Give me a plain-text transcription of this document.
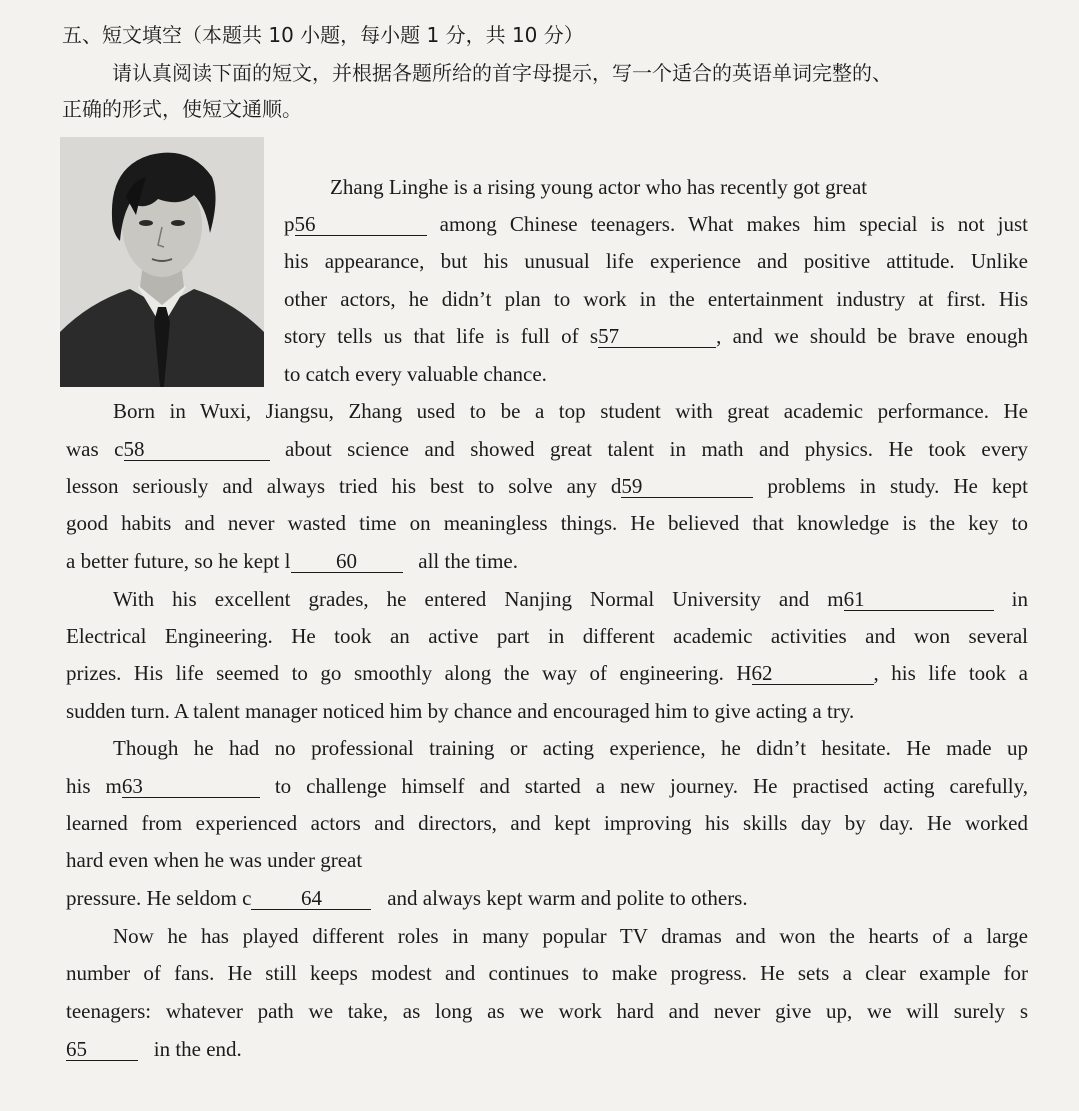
五、短文填空（本题共 10 小题，每小题 1 分，共 10 分）
请认真阅读下面的短文，并根据各题所给的首字母提示，写一个适合的英语单词完整的、
正确的形式，使短文通顺。
Zhang Linghe is a rising young actor who has recently got great
p56	among Chinese teenagers. What makes him special is not just
his appearance, but his unusual life experience and positive attitude. Unlike
other actors, he didn’t plan to work in the entertainment industry at first. His
story tells us that life is full of s57	, and we should be brave enough
to catch every valuable chance.
Born in Wuxi, Jiangsu, Zhang used to be a top student with great academic performance. He
was c58	about science and showed great talent in math and physics. He took every
lesson seriously and always tried his best to solve any d59	problems in study. He kept
good habits and never wasted time on meaningless things. He believed that knowledge is the key to
a better future, so he kept l 60	all the time.
With his excellent grades, he entered Nanjing Normal University and m61	in
Electrical Engineering. He took an active part in different academic activities and won several
prizes. His life seemed to go smoothly along the way of engineering. H62	, his life took a
sudden turn. A talent manager noticed him by chance and encouraged him to give acting a try.
Though he had no professional training or acting experience, he didn’t hesitate. He made up
his m63	to challenge himself and started a new journey. He practised acting carefully,
learned from experienced actors and directors, and kept improving his skills day by day. He worked
hard even when he was under great
pressure. He seldom c 64	and always kept warm and polite to others.
Now he has played different roles in many popular TV dramas and won the hearts of a large
number of fans. He still keeps modest and continues to make progress. He sets a clear example for
teenagers: whatever path we take, as long as we work hard and never give up, we will surely s
65	in the end.
